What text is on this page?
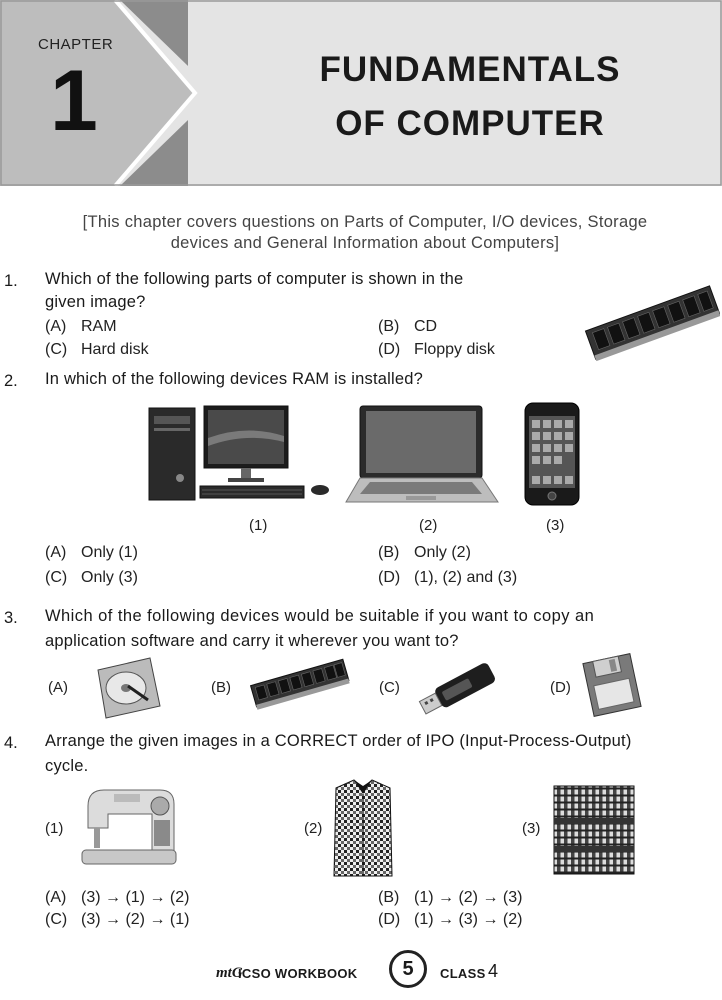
CHAPTER
1	FUNDAMENTALS
OF COMPUTER
[This chapter covers questions on Parts of Computer, I/O devices, Storage
devices and General Information about Computers]
1. Which of the following parts of computer is shown in the
given image?
(A) RAM	(B) CD
(C) Hard disk	(D) Floppy disk
2. In which of the following devices RAM is installed?
(1)	(2)	(3)
(A) Only (1)	(B) Only (2)
(C) Only (3)	(D) (1), (2) and (3)
3. Which of the following devices would be suitable if you want to copy an
application software and carry it wherever you want to?
(A)	(B)	(C)	(D)
4. Arrange the given images in a CORRECT order of IPO (Input-Process-Output)
cycle.
(1)	(2)	(3)
(A) (3) → (1) → (2)	(B) (1) → (2) → (3)
(C) (3) → (2) → (1)	(D) (1) → (3) → (2)
mtG
ICSO WORKBOOK	5	CLASS 4
